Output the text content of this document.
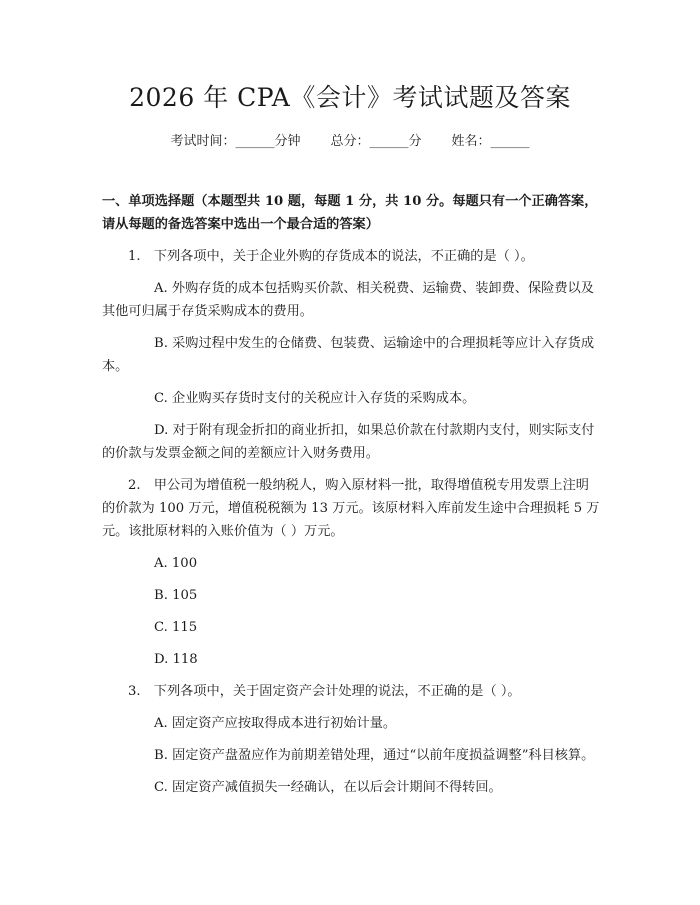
2026 年 CPA《会计》考试试题及答案
考试时间：______分钟 总分：______分 姓名：______

一、单项选择题（本题型共 10 题，每题 1 分，共 10 分。每题只有一个正确答案，请从每题的备选答案中选出一个最合适的答案）

1.　下列各项中，关于企业外购的存货成本的说法，不正确的是（ ）。

A. 外购存货的成本包括购买价款、相关税费、运输费、装卸费、保险费以及其他可归属于存货采购成本的费用。

B. 采购过程中发生的仓储费、包装费、运输途中的合理损耗等应计入存货成本。

C. 企业购买存货时支付的关税应计入存货的采购成本。

D. 对于附有现金折扣的商业折扣，如果总价款在付款期内支付，则实际支付的价款与发票金额之间的差额应计入财务费用。

2.　甲公司为增值税一般纳税人，购入原材料一批，取得增值税专用发票上注明的价款为 100 万元，增值税税额为 13 万元。该原材料入库前发生途中合理损耗 5 万元。该批原材料的入账价值为（ ）万元。

A. 100

B. 105

C. 115

D. 118

3.　下列各项中，关于固定资产会计处理的说法，不正确的是（ ）。

A. 固定资产应按取得成本进行初始计量。

B. 固定资产盘盈应作为前期差错处理，通过“以前年度损益调整”科目核算。

C. 固定资产减值损失一经确认，在以后会计期间不得转回。
